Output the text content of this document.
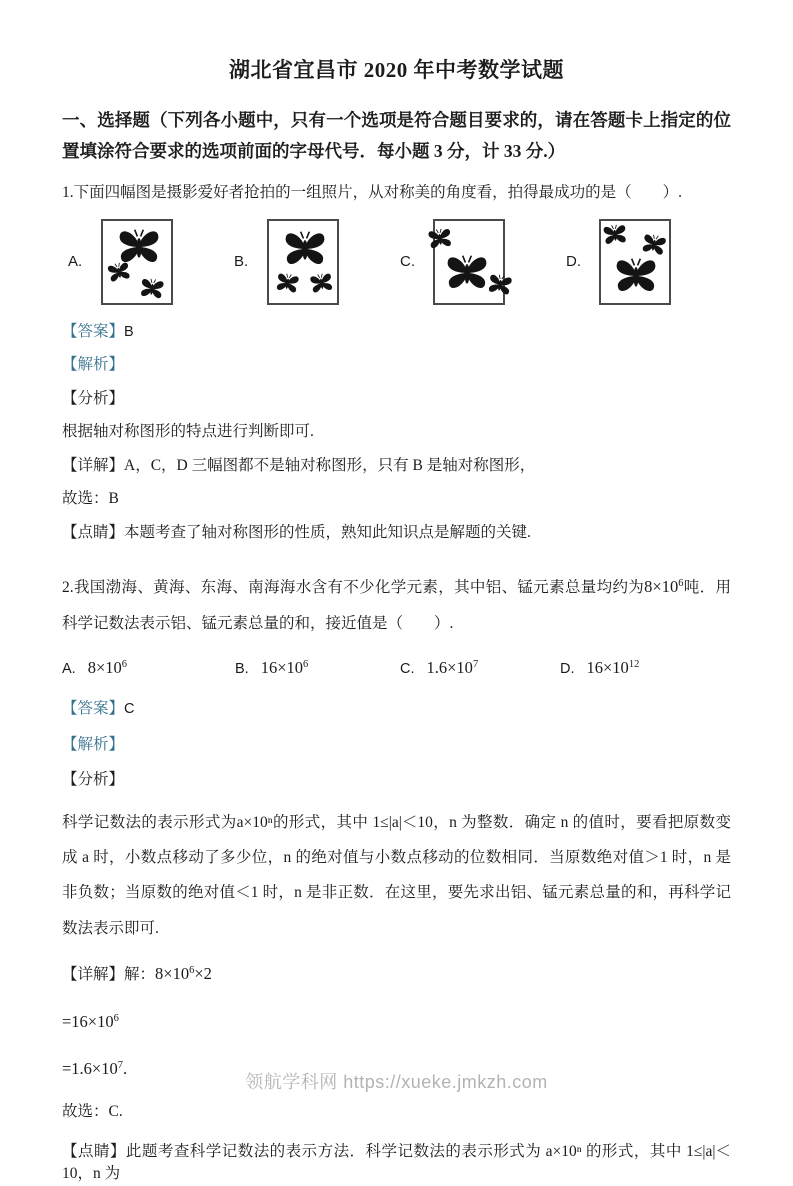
湖北省宜昌市 2020 年中考数学试题

一、选择题（下列各小题中，只有一个选项是符合题目要求的，请在答题卡上指定的位置填涂符合要求的选项前面的字母代号．每小题 3 分，计 33 分.）

1.下面四幅图是摄影爱好者抢拍的一组照片，从对称美的角度看，拍得最成功的是（　　）.

A.	B.	C.	D.

【答案】B

【解析】

【分析】

根据轴对称图形的特点进行判断即可.

【详解】A，C，D 三幅图都不是轴对称图形，只有 B 是轴对称图形，

故选：B

【点睛】本题考查了轴对称图形的性质，熟知此知识点是解题的关键.

2.我国渤海、黄海、东海、南海海水含有不少化学元素，其中铝、锰元素总量均约为$8\times 10^6$吨．用科学记数法表示铝、锰元素总量的和，接近值是（　　）.

A. $8\times 10^6$	B. $16\times 10^6$	C. $1.6\times 10^7$	D. $16\times 10^{12}$

【答案】C

【解析】

【分析】

科学记数法的表示形式为a×10ⁿ的形式，其中 1≤|a|＜10，n 为整数．确定 n 的值时，要看把原数变成 a 时，小数点移动了多少位，n 的绝对值与小数点移动的位数相同．当原数绝对值＞1 时，n 是非负数；当原数的绝对值＜1 时，n 是非正数．在这里，要先求出铝、锰元素总量的和，再科学记数法表示即可.

【详解】解：$8\times 10^6\times 2$

$=16\times 10^6$

$=1.6\times 10^7$.

故选：C.

【点睛】此题考查科学记数法的表示方法．科学记数法的表示形式为 a×10ⁿ 的形式，其中 1≤|a|＜10，n 为

领航学科网 https://xueke.jmkzh.com
